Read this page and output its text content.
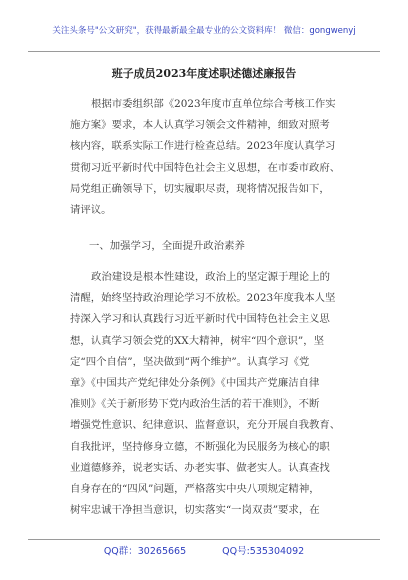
关注头条号"公文研究"，获得最新最全最专业的公文资料库！ 微信：gongwenyj
班子成员2023年度述职述德述廉报告
根据市委组织部《2023年度市直单位综合考核工作实
施方案》要求，本人认真学习领会文件精神，细致对照考
核内容，联系实际工作进行检查总结。2023年度认真学习
贯彻习近平新时代中国特色社会主义思想，在市委市政府、
局党组正确领导下，切实履职尽责，现将情况报告如下，
请评议。
一、加强学习，全面提升政治素养
政治建设是根本性建设，政治上的坚定源于理论上的
清醒，始终坚持政治理论学习不放松。2023年度我本人坚
持深入学习和认真践行习近平新时代中国特色社会主义思
想，认真学习领会党的XX大精神，树牢“四个意识”，坚
定“四个自信”，坚决做到“两个维护”。认真学习《党
章》《中国共产党纪律处分条例》《中国共产党廉洁自律
准则》《关于新形势下党内政治生活的若干准则》，不断
增强党性意识、纪律意识、监督意识，充分开展自我教育、
自我批评，坚持修身立德，不断强化为民服务为核心的职
业道德修养，说老实话、办老实事、做老实人。认真查找
自身存在的“四风”问题，严格落实中央八项规定精神，
树牢忠诚干净担当意识，切实落实“一岗双责”要求，在
QQ群：30265665	QQ号:535304092
